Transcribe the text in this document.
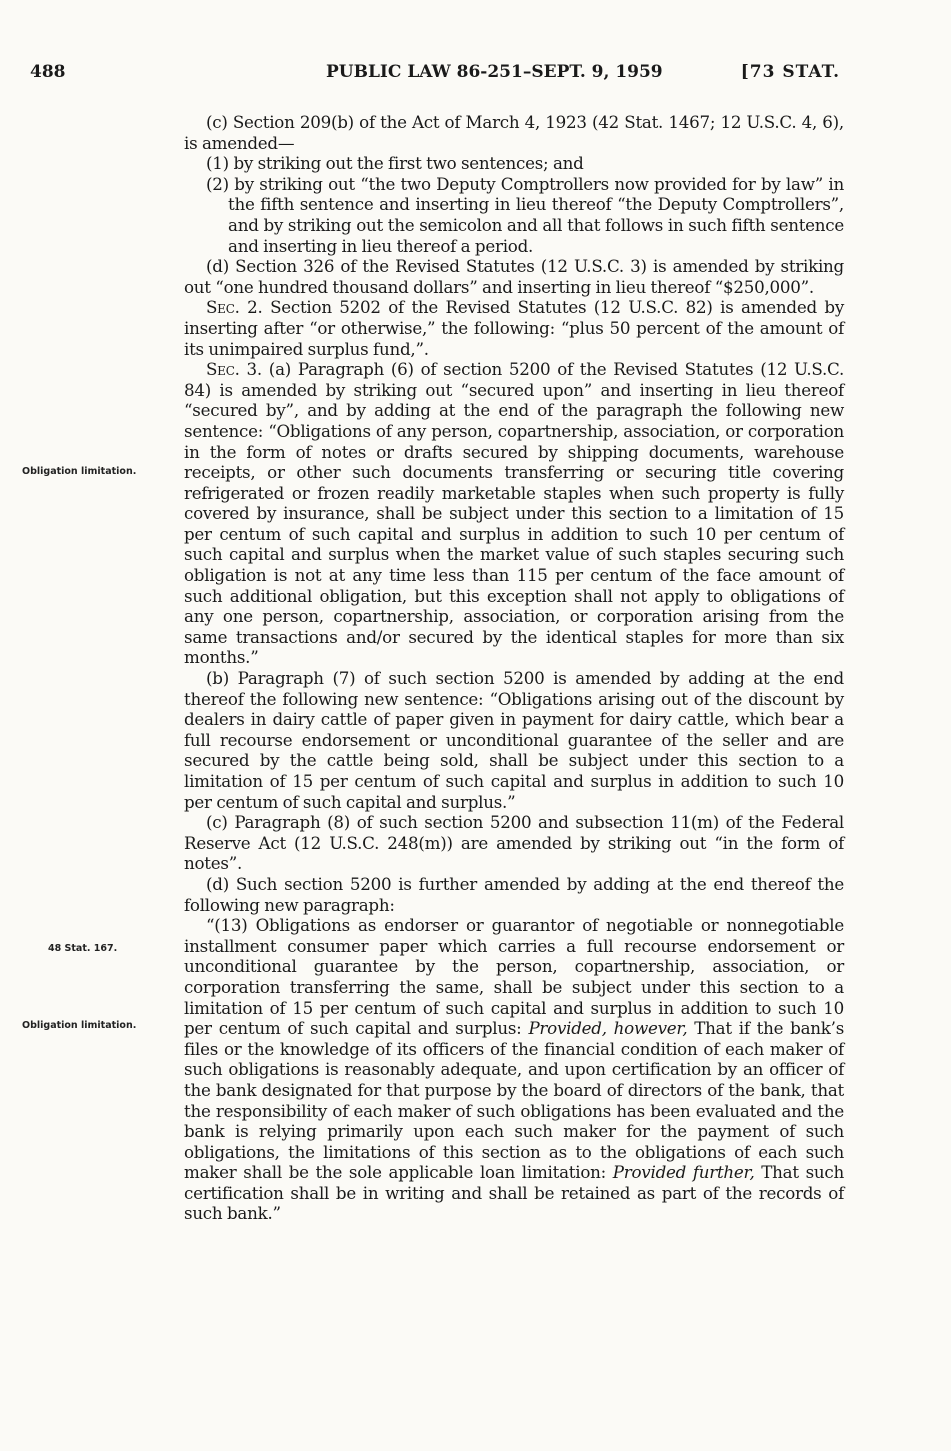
488	PUBLIC LAW 86-251–SEPT. 9, 1959	[73 STAT.
Obligation limitation.
48 Stat. 167.
Obligation limitation.

(c) Section 209(b) of the Act of March 4, 1923 (42 Stat. 1467; 12 U.S.C. 4, 6), is amended—

(1) by striking out the first two sentences; and

(2) by striking out “the two Deputy Comptrollers now provided for by law” in the fifth sentence and inserting in lieu thereof “the Deputy Comptrollers”, and by striking out the semicolon and all that follows in such fifth sentence and inserting in lieu thereof a period.

(d) Section 326 of the Revised Statutes (12 U.S.C. 3) is amended by striking out “one hundred thousand dollars” and inserting in lieu thereof “$250,000”.

Sec. 2. Section 5202 of the Revised Statutes (12 U.S.C. 82) is amended by inserting after “or otherwise,” the following: “plus 50 percent of the amount of its unimpaired surplus fund,”.

Sec. 3. (a) Paragraph (6) of section 5200 of the Revised Statutes (12 U.S.C. 84) is amended by striking out “secured upon” and inserting in lieu thereof “secured by”, and by adding at the end of the paragraph the following new sentence: “Obligations of any person, copartnership, association, or corporation in the form of notes or drafts secured by shipping documents, warehouse receipts, or other such documents transferring or securing title covering refrigerated or frozen readily marketable staples when such property is fully covered by insurance, shall be subject under this section to a limitation of 15 per centum of such capital and surplus in addition to such 10 per centum of such capital and surplus when the market value of such staples securing such obligation is not at any time less than 115 per centum of the face amount of such additional obligation, but this exception shall not apply to obligations of any one person, copartnership, association, or corporation arising from the same transactions and/or secured by the identical staples for more than six months.”

(b) Paragraph (7) of such section 5200 is amended by adding at the end thereof the following new sentence: “Obligations arising out of the discount by dealers in dairy cattle of paper given in payment for dairy cattle, which bear a full recourse endorsement or unconditional guarantee of the seller and are secured by the cattle being sold, shall be subject under this section to a limitation of 15 per centum of such capital and surplus in addition to such 10 per centum of such capital and surplus.”

(c) Paragraph (8) of such section 5200 and subsection 11(m) of the Federal Reserve Act (12 U.S.C. 248(m)) are amended by striking out “in the form of notes”.

(d) Such section 5200 is further amended by adding at the end thereof the following new paragraph:

“(13) Obligations as endorser or guarantor of negotiable or nonnegotiable installment consumer paper which carries a full recourse endorsement or unconditional guarantee by the person, copartnership, association, or corporation transferring the same, shall be subject under this section to a limitation of 15 per centum of such capital and surplus in addition to such 10 per centum of such capital and surplus: Provided, however, That if the bank’s files or the knowledge of its officers of the financial condition of each maker of such obligations is reasonably adequate, and upon certification by an officer of the bank designated for that purpose by the board of directors of the bank, that the responsibility of each maker of such obligations has been evaluated and the bank is relying primarily upon each such maker for the payment of such obligations, the limitations of this section as to the obligations of each such maker shall be the sole applicable loan limitation: Provided further, That such certification shall be in writing and shall be retained as part of the records of such bank.”
